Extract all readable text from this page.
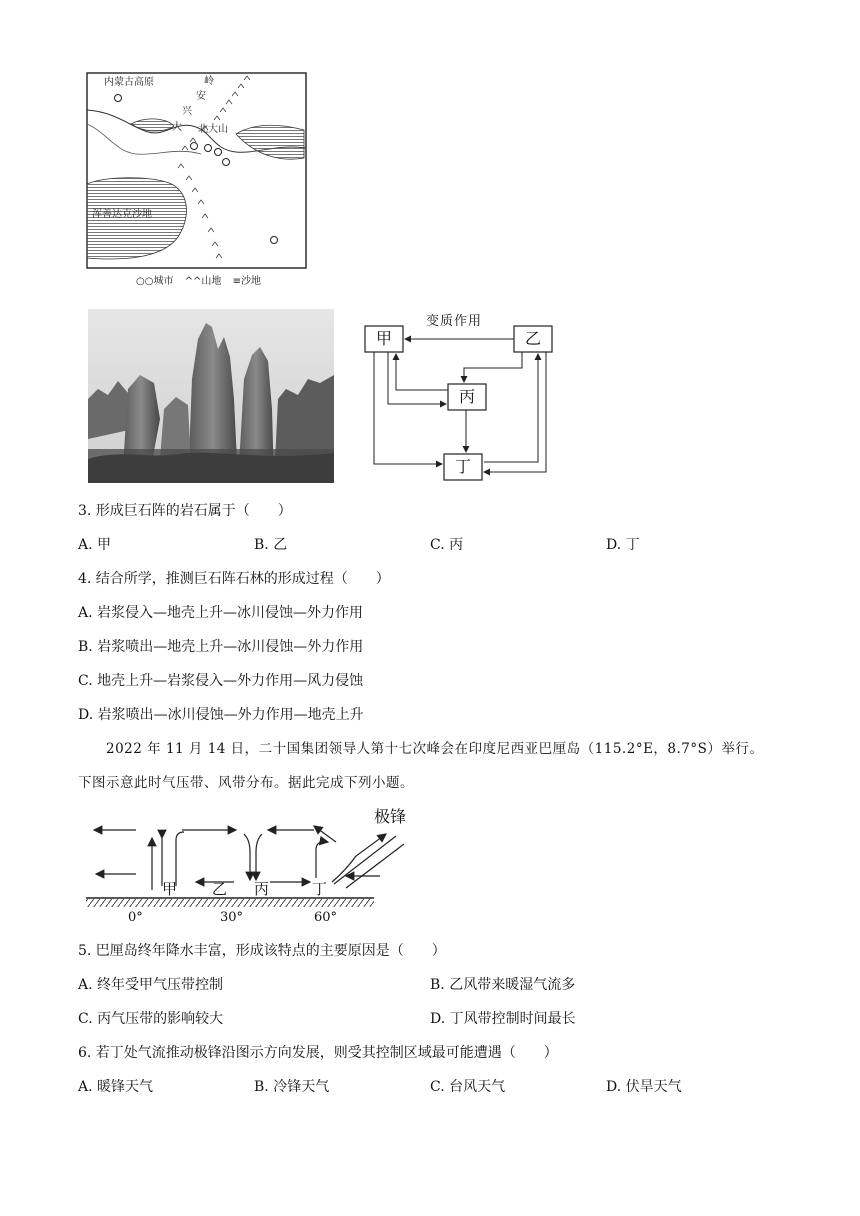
内蒙古高原	岭
安
兴
大 北大山
浑善达克沙地
○○城市 ^^山地 ≡沙地
变质作用
甲	乙
丙
丁
3. 形成巨石阵的岩石属于（　　）
A. 甲	B. 乙	C. 丙	D. 丁
4. 结合所学，推测巨石阵石林的形成过程（　　）
A. 岩浆侵入—地壳上升—冰川侵蚀—外力作用
B. 岩浆喷出—地壳上升—冰川侵蚀—外力作用
C. 地壳上升—岩浆侵入—外力作用—风力侵蚀
D. 岩浆喷出—冰川侵蚀—外力作用—地壳上升
2022 年 11 月 14 日，二十国集团领导人第十七次峰会在印度尼西亚巴厘岛（115.2°E，8.7°S）举行。
下图示意此时气压带、风带分布。据此完成下列小题。
极锋
甲 乙 丙	丁
0°	30°	60°
5. 巴厘岛终年降水丰富，形成该特点的主要原因是（　　）
A. 终年受甲气压带控制	B. 乙风带来暖湿气流多
C. 丙气压带的影响较大	D. 丁风带控制时间最长
6. 若丁处气流推动极锋沿图示方向发展，则受其控制区域最可能遭遇（　　）
A. 暖锋天气	B. 冷锋天气	C. 台风天气	D. 伏旱天气
